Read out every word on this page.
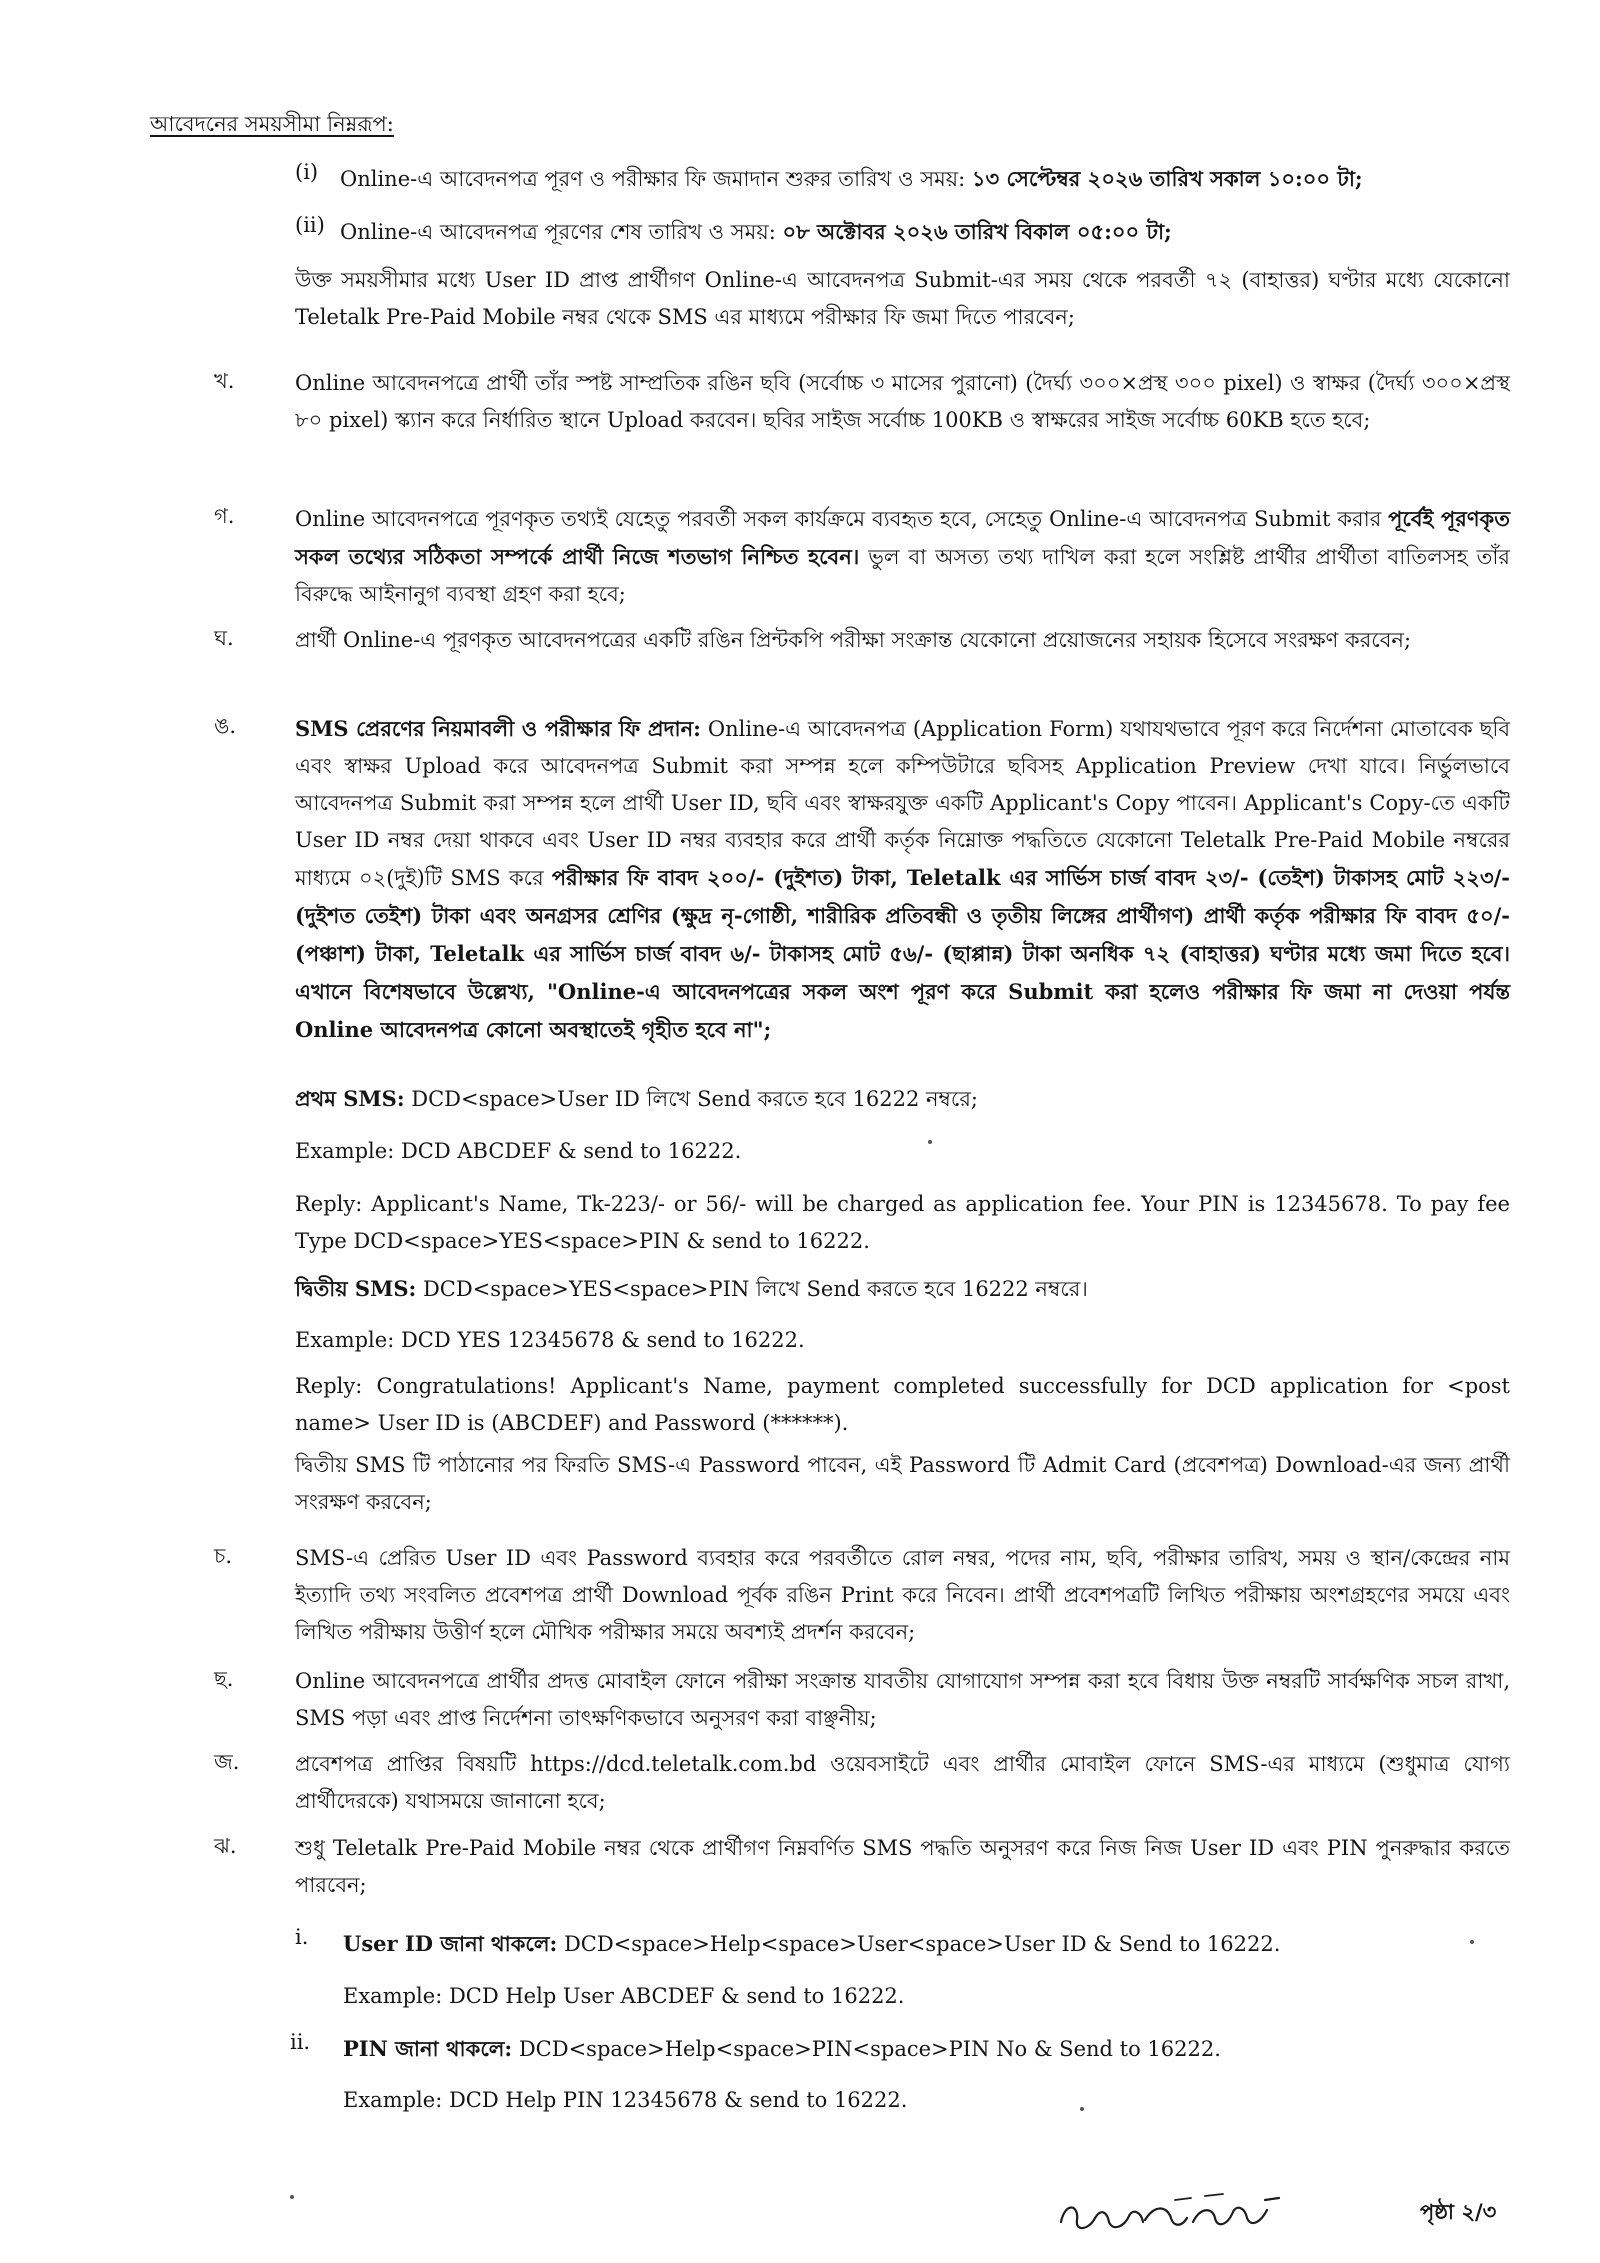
আবেদনের সময়সীমা নিম্নরূপ:
(i) Online-এ আবেদনপত্র পূরণ ও পরীক্ষার ফি জমাদান শুরুর তারিখ ও সময়: ১৩ সেপ্টেম্বর ২০২৬ তারিখ সকাল ১০:০০ টা;
(ii) Online-এ আবেদনপত্র পূরণের শেষ তারিখ ও সময়: ০৮ অক্টোবর ২০২৬ তারিখ বিকাল ০৫:০০ টা;
উক্ত সময়সীমার মধ্যে User ID প্রাপ্ত প্রার্থীগণ Online-এ আবেদনপত্র Submit-এর সময় থেকে পরবর্তী ৭২ (বাহাত্তর) ঘণ্টার মধ্যে যেকোনো Teletalk Pre-Paid Mobile নম্বর থেকে SMS এর মাধ্যমে পরীক্ষার ফি জমা দিতে পারবেন;
খ.	Online আবেদনপত্রে প্রার্থী তাঁর স্পষ্ট সাম্প্রতিক রঙিন ছবি (সর্বোচ্চ ৩ মাসের পুরানো) (দৈর্ঘ্য ৩০০×প্রস্থ ৩০০ pixel) ও স্বাক্ষর (দৈর্ঘ্য ৩০০×প্রস্থ ৮০ pixel) স্ক্যান করে নির্ধারিত স্থানে Upload করবেন। ছবির সাইজ সর্বোচ্চ 100KB ও স্বাক্ষরের সাইজ সর্বোচ্চ 60KB হতে হবে;
গ.	Online আবেদনপত্রে পূরণকৃত তথ্যই যেহেতু পরবর্তী সকল কার্যক্রমে ব্যবহৃত হবে, সেহেতু Online-এ আবেদনপত্র Submit করার পূর্বেই পূরণকৃত সকল তথ্যের সঠিকতা সম্পর্কে প্রার্থী নিজে শতভাগ নিশ্চিত হবেন। ভুল বা অসত্য তথ্য দাখিল করা হলে সংশ্লিষ্ট প্রার্থীর প্রার্থীতা বাতিলসহ তাঁর বিরুদ্ধে আইনানুগ ব্যবস্থা গ্রহণ করা হবে;
ঘ.	প্রার্থী Online-এ পূরণকৃত আবেদনপত্রের একটি রঙিন প্রিন্টকপি পরীক্ষা সংক্রান্ত যেকোনো প্রয়োজনের সহায়ক হিসেবে সংরক্ষণ করবেন;
ঙ.	SMS প্রেরণের নিয়মাবলী ও পরীক্ষার ফি প্রদান: Online-এ আবেদনপত্র (Application Form) যথাযথভাবে পূরণ করে নির্দেশনা মোতাবেক ছবি এবং স্বাক্ষর Upload করে আবেদনপত্র Submit করা সম্পন্ন হলে কম্পিউটারে ছবিসহ Application Preview দেখা যাবে। নির্ভুলভাবে আবেদনপত্র Submit করা সম্পন্ন হলে প্রার্থী User ID, ছবি এবং স্বাক্ষরযুক্ত একটি Applicant's Copy পাবেন। Applicant's Copy-তে একটি User ID নম্বর দেয়া থাকবে এবং User ID নম্বর ব্যবহার করে প্রার্থী কর্তৃক নিম্নোক্ত পদ্ধতিতে যেকোনো Teletalk Pre-Paid Mobile নম্বরের মাধ্যমে ০২(দুই)টি SMS করে পরীক্ষার ফি বাবদ ২০০/- (দুইশত) টাকা, Teletalk এর সার্ভিস চার্জ বাবদ ২৩/- (তেইশ) টাকাসহ মোট ২২৩/- (দুইশত তেইশ) টাকা এবং অনগ্রসর শ্রেণির (ক্ষুদ্র নৃ-গোষ্ঠী, শারীরিক প্রতিবন্ধী ও তৃতীয় লিঙ্গের প্রার্থীগণ) প্রার্থী কর্তৃক পরীক্ষার ফি বাবদ ৫০/- (পঞ্চাশ) টাকা, Teletalk এর সার্ভিস চার্জ বাবদ ৬/- টাকাসহ মোট ৫৬/- (ছাপ্পান্ন) টাকা অনধিক ৭২ (বাহাত্তর) ঘণ্টার মধ্যে জমা দিতে হবে। এখানে বিশেষভাবে উল্লেখ্য, "Online-এ আবেদনপত্রের সকল অংশ পূরণ করে Submit করা হলেও পরীক্ষার ফি জমা না দেওয়া পর্যন্ত Online আবেদনপত্র কোনো অবস্থাতেই গৃহীত হবে না";
প্রথম SMS: DCD<space>User ID লিখে Send করতে হবে 16222 নম্বরে;
Example: DCD ABCDEF & send to 16222.
Reply: Applicant's Name, Tk-223/- or 56/- will be charged as application fee. Your PIN is 12345678. To pay fee Type DCD<space>YES<space>PIN & send to 16222.
দ্বিতীয় SMS: DCD<space>YES<space>PIN লিখে Send করতে হবে 16222 নম্বরে।
Example: DCD YES 12345678 & send to 16222.
Reply: Congratulations! Applicant's Name, payment completed successfully for DCD application for <post name> User ID is (ABCDEF) and Password (******).
দ্বিতীয় SMS টি পাঠানোর পর ফিরতি SMS-এ Password পাবেন, এই Password টি Admit Card (প্রবেশপত্র) Download-এর জন্য প্রার্থী সংরক্ষণ করবেন;
চ.	SMS-এ প্রেরিত User ID এবং Password ব্যবহার করে পরবর্তীতে রোল নম্বর, পদের নাম, ছবি, পরীক্ষার তারিখ, সময় ও স্থান/কেন্দ্রের নাম ইত্যাদি তথ্য সংবলিত প্রবেশপত্র প্রার্থী Download পূর্বক রঙিন Print করে নিবেন। প্রার্থী প্রবেশপত্রটি লিখিত পরীক্ষায় অংশগ্রহণের সময়ে এবং লিখিত পরীক্ষায় উত্তীর্ণ হলে মৌখিক পরীক্ষার সময়ে অবশ্যই প্রদর্শন করবেন;
ছ.	Online আবেদনপত্রে প্রার্থীর প্রদত্ত মোবাইল ফোনে পরীক্ষা সংক্রান্ত যাবতীয় যোগাযোগ সম্পন্ন করা হবে বিধায় উক্ত নম্বরটি সার্বক্ষণিক সচল রাখা, SMS পড়া এবং প্রাপ্ত নির্দেশনা তাৎক্ষণিকভাবে অনুসরণ করা বাঞ্ছনীয়;
জ.	প্রবেশপত্র প্রাপ্তির বিষয়টি https://dcd.teletalk.com.bd ওয়েবসাইটে এবং প্রার্থীর মোবাইল ফোনে SMS-এর মাধ্যমে (শুধুমাত্র যোগ্য প্রার্থীদেরকে) যথাসময়ে জানানো হবে;
ঝ.	শুধু Teletalk Pre-Paid Mobile নম্বর থেকে প্রার্থীগণ নিম্নবর্ণিত SMS পদ্ধতি অনুসরণ করে নিজ নিজ User ID এবং PIN পুনরুদ্ধার করতে পারবেন;
i. User ID জানা থাকলে: DCD<space>Help<space>User<space>User ID & Send to 16222.
Example: DCD Help User ABCDEF & send to 16222.
ii. PIN জানা থাকলে: DCD<space>Help<space>PIN<space>PIN No & Send to 16222.
Example: DCD Help PIN 12345678 & send to 16222.
পৃষ্ঠা ২/৩
